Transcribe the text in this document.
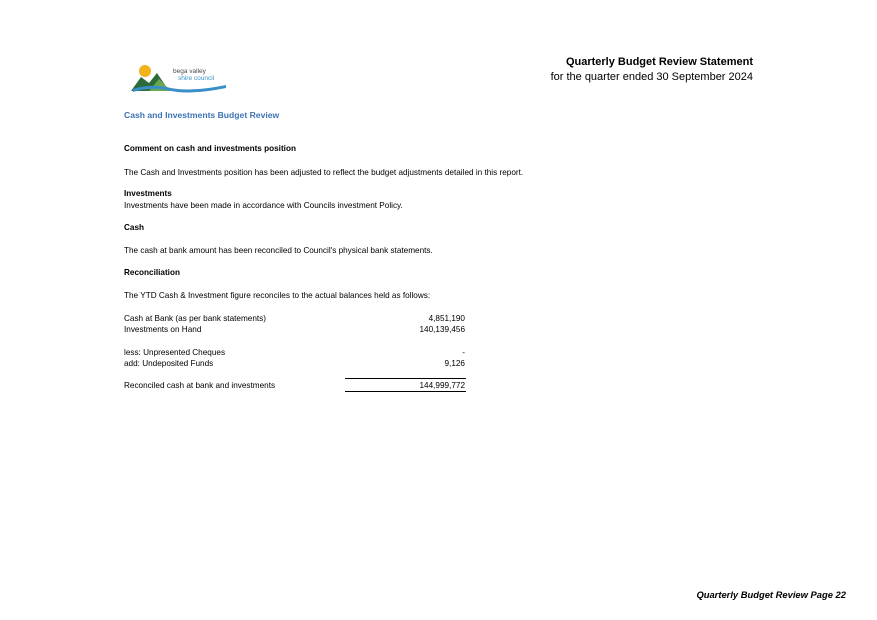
bega valley
shire council
Quarterly Budget Review Statement
for the quarter ended 30 September 2024
Cash and Investments Budget Review
Comment on cash and investments position
The Cash and Investments position has been adjusted to reflect the budget adjustments detailed in this report.
Investments
Investments have been made in accordance with Councils investment Policy.
Cash
The cash at bank amount has been reconciled to Council's physical bank statements.
Reconciliation
The YTD Cash & Investment figure reconciles to the actual balances held as follows:
Cash at Bank (as per bank statements)	4,851,190
Investments on Hand	140,139,456
less: Unpresented Cheques	-
add: Undeposited Funds	9,126
Reconciled cash at bank and investments	144,999,772
Quarterly Budget Review Page 22
